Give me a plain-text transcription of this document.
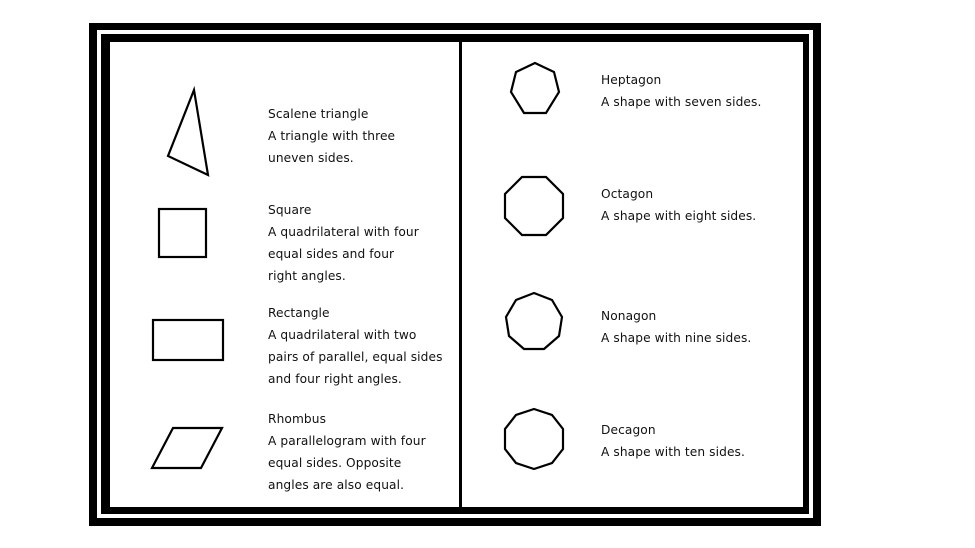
Scalene triangle
A triangle with three
uneven sides.
Square
A quadrilateral with four
equal sides and four
right angles.
Rectangle
A quadrilateral with two
pairs of parallel, equal sides
and four right angles.
Rhombus
A parallelogram with four
equal sides. Opposite
angles are also equal.
Heptagon
A shape with seven sides.
Octagon
A shape with eight sides.
Nonagon
A shape with nine sides.
Decagon
A shape with ten sides.
